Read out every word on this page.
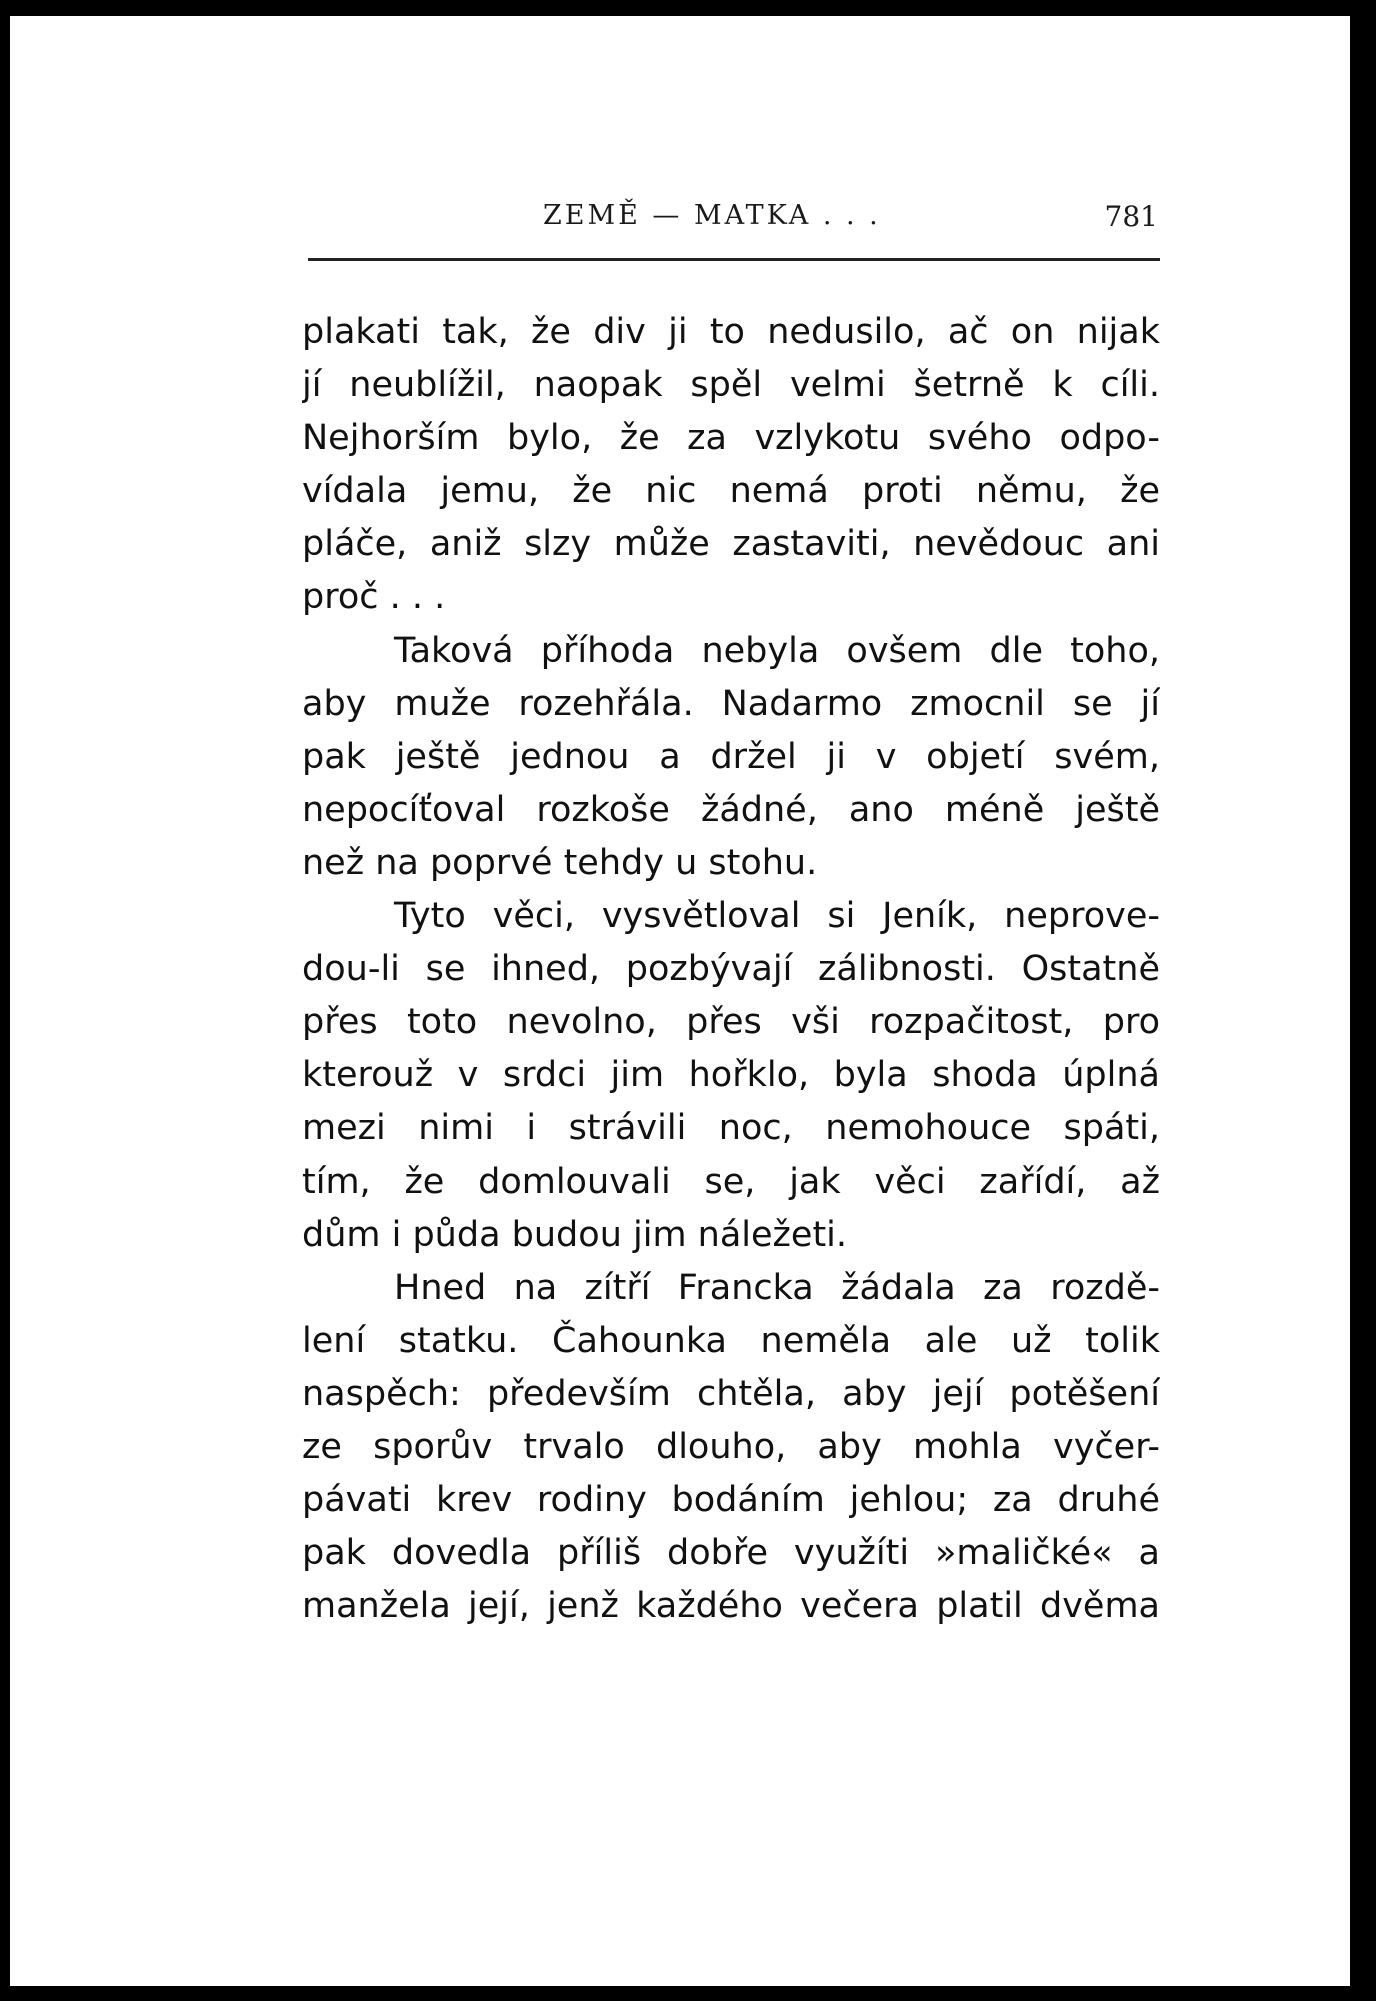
ZEMĚ — MATKA . . .	781
plakati tak, že div ji to nedusilo, ač on nijak
jí neublížil, naopak spěl velmi šetrně k cíli.
Nejhorším bylo, že za vzlykotu svého odpo-
vídala jemu, že nic nemá proti němu, že
pláče, aniž slzy může zastaviti, nevědouc ani
proč . . .
Taková příhoda nebyla ovšem dle toho,
aby muže rozehřála. Nadarmo zmocnil se jí
pak ještě jednou a držel ji v objetí svém,
nepocíťoval rozkoše žádné, ano méně ještě
než na poprvé tehdy u stohu.
Tyto věci, vysvětloval si Jeník, neprove-
dou-li se ihned, pozbývají zálibnosti. Ostatně
přes toto nevolno, přes vši rozpačitost, pro
kterouž v srdci jim hořklo, byla shoda úplná
mezi nimi i strávili noc, nemohouce spáti,
tím, že domlouvali se, jak věci zařídí, až
dům i půda budou jim náležeti.
Hned na zítří Francka žádala za rozdě-
lení statku. Čahounka neměla ale už tolik
naspěch: především chtěla, aby její potěšení
ze sporův trvalo dlouho, aby mohla vyčer-
pávati krev rodiny bodáním jehlou; za druhé
pak dovedla příliš dobře využíti »maličké« a
manžela její, jenž každého večera platil dvěma
